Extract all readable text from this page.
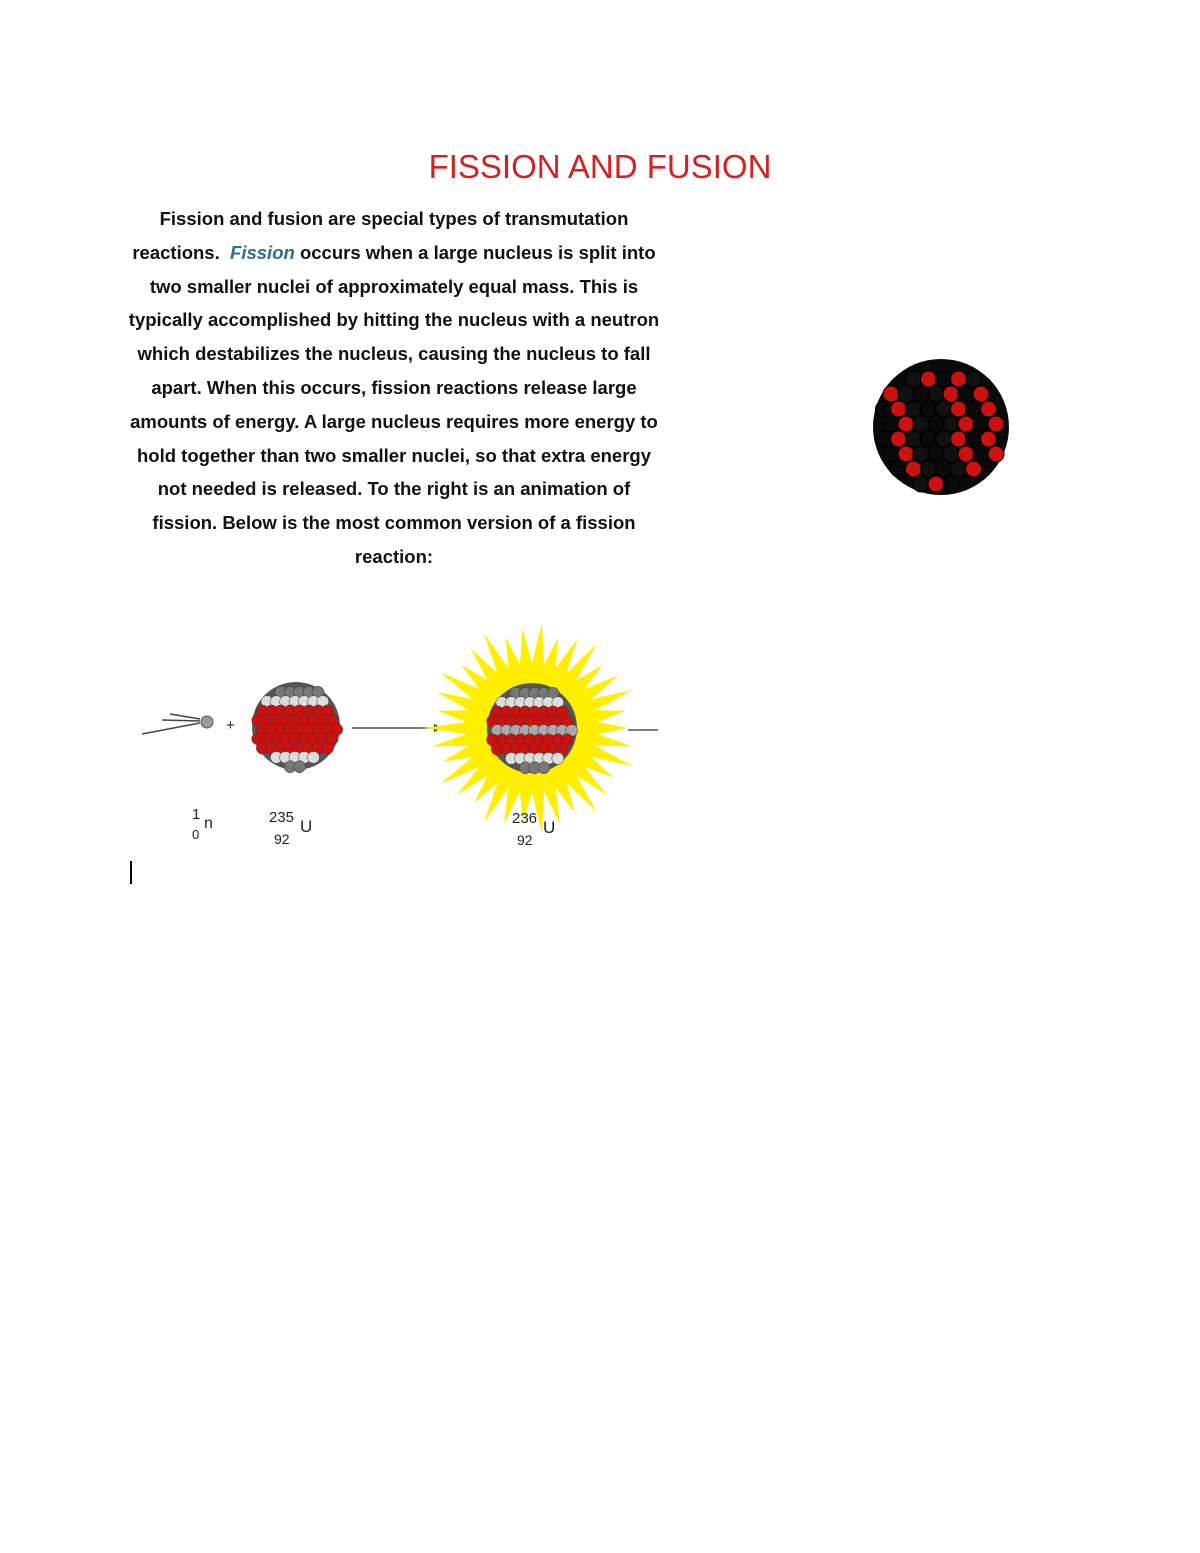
FISSION AND FUSION

Fission and fusion are special types of transmutation reactions. Fission occurs when a large nucleus is split into two smaller nuclei of approximately equal mass. This is typically accomplished by hitting the nucleus with a neutron which destabilizes the nucleus, causing the nucleus to fall apart. When this occurs, fission reactions release large amounts of energy. A large nucleus requires more energy to hold together than two smaller nuclei, so that extra energy not needed is released. To the right is an animation of fission. Below is the most common version of a fission reaction:

+
1
0
n	235
92
U	236
92
U
